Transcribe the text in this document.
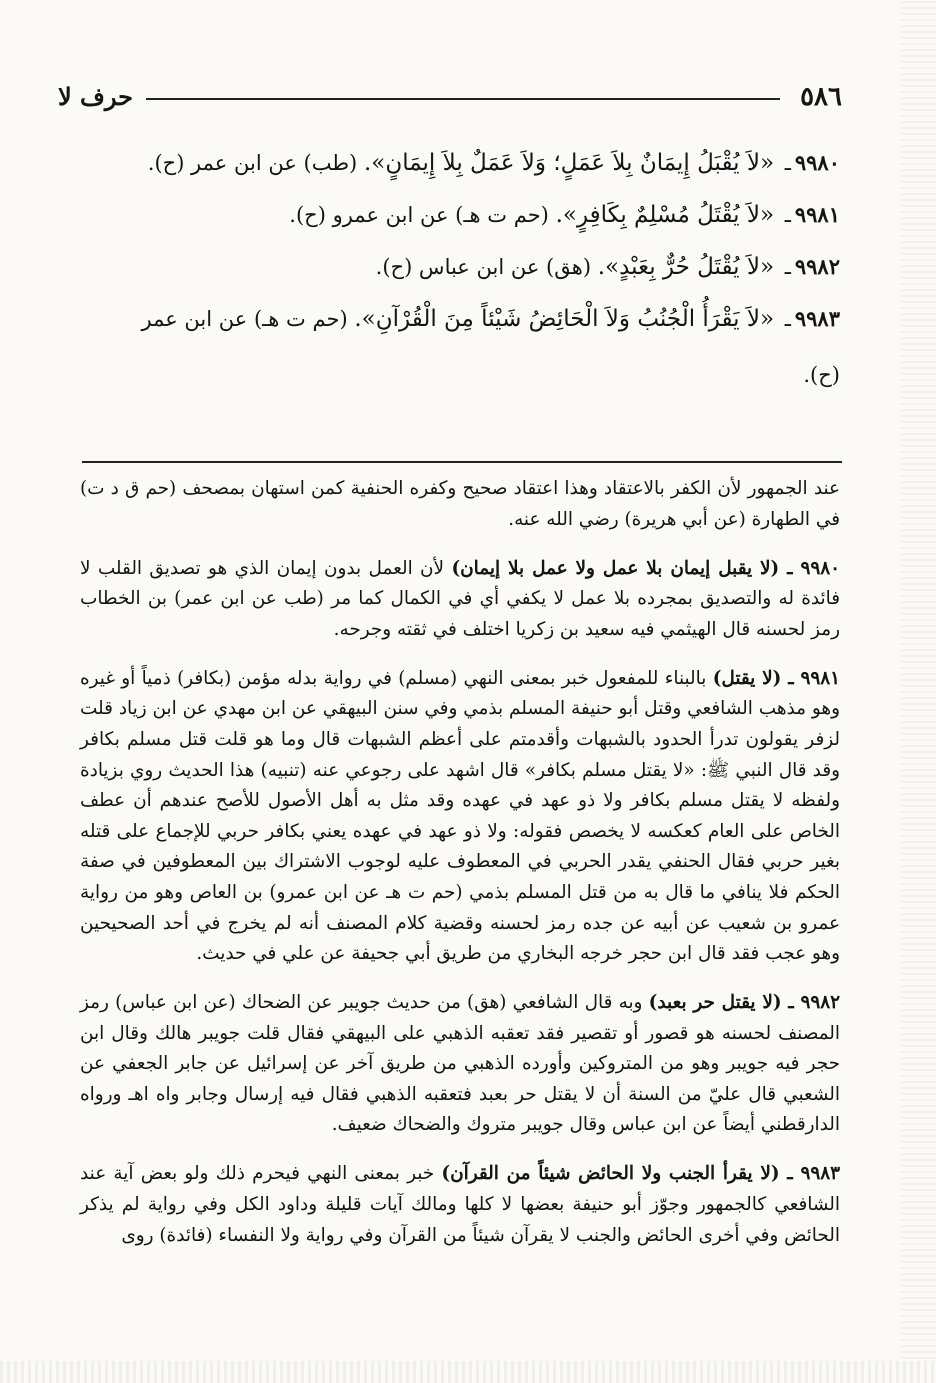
٥٨٦
حرف لا
٩٩٨٠ـ «لاَ يُقْبَلُ إِيمَانٌ بِلاَ عَمَلٍ؛ وَلاَ عَمَلٌ بِلاَ إِيمَانٍ». (طب) عن ابن عمر (ح).
٩٩٨١ـ «لاَ يُقْتَلُ مُسْلِمٌ بِكَافِرٍ». (حم ت هـ) عن ابن عمرو (ح).
٩٩٨٢ـ «لاَ يُقْتَلُ حُرٌّ بِعَبْدٍ». (هق) عن ابن عباس (ح).
٩٩٨٣ـ «لاَ يَقْرَأُ الْجُنُبُ وَلاَ الْحَائِضُ شَيْئاً مِنَ الْقُرْآنِ». (حم ت هـ) عن ابن عمر
(ح).

عند الجمهور لأن الكفر بالاعتقاد وهذا اعتقاد صحيح وكفره الحنفية كمن استهان بمصحف (حم ق د ت) في الطهارة (عن أبي هريرة) رضي الله عنه.

٩٩٨٠ ـ (لا يقبل إيمان بلا عمل ولا عمل بلا إيمان) لأن العمل بدون إيمان الذي هو تصديق القلب لا فائدة له والتصديق بمجرده بلا عمل لا يكفي أي في الكمال كما مر (طب عن ابن عمر) بن الخطاب رمز لحسنه قال الهيثمي فيه سعيد بن زكريا اختلف في ثقته وجرحه.

٩٩٨١ ـ (لا يقتل) بالبناء للمفعول خبر بمعنى النهي (مسلم) في رواية بدله مؤمن (بكافر) ذمياً أو غيره وهو مذهب الشافعي وقتل أبو حنيفة المسلم بذمي وفي سنن البيهقي عن ابن مهدي عن ابن زياد قلت لزفر يقولون تدرأ الحدود بالشبهات وأقدمتم على أعظم الشبهات قال وما هو قلت قتل مسلم بكافر وقد قال النبي ﷺ: «لا يقتل مسلم بكافر» قال اشهد على رجوعي عنه (تنبيه) هذا الحديث روي بزيادة ولفظه لا يقتل مسلم بكافر ولا ذو عهد في عهده وقد مثل به أهل الأصول للأصح عندهم أن عطف الخاص على العام كعكسه لا يخصص فقوله: ولا ذو عهد في عهده يعني بكافر حربي للإجماع على قتله بغير حربي فقال الحنفي يقدر الحربي في المعطوف عليه لوجوب الاشتراك بين المعطوفين في صفة الحكم فلا ينافي ما قال به من قتل المسلم بذمي (حم ت هـ عن ابن عمرو) بن العاص وهو من رواية عمرو بن شعيب عن أبيه عن جده رمز لحسنه وقضية كلام المصنف أنه لم يخرج في أحد الصحيحين وهو عجب فقد قال ابن حجر خرجه البخاري من طريق أبي جحيفة عن علي في حديث.

٩٩٨٢ ـ (لا يقتل حر بعبد) وبه قال الشافعي (هق) من حديث جويبر عن الضحاك (عن ابن عباس) رمز المصنف لحسنه هو قصور أو تقصير فقد تعقبه الذهبي على البيهقي فقال قلت جويبر هالك وقال ابن حجر فيه جويبر وهو من المتروكين وأورده الذهبي من طريق آخر عن إسرائيل عن جابر الجعفي عن الشعبي قال عليّ من السنة أن لا يقتل حر بعبد فتعقبه الذهبي فقال فيه إرسال وجابر واه اهـ ورواه الدارقطني أيضاً عن ابن عباس وقال جويبر متروك والضحاك ضعيف.

٩٩٨٣ ـ (لا يقرأ الجنب ولا الحائض شيئاً من القرآن) خبر بمعنى النهي فيحرم ذلك ولو بعض آية عند الشافعي كالجمهور وجوّز أبو حنيفة بعضها لا كلها ومالك آيات قليلة وداود الكل وفي رواية لم يذكر الحائض وفي أخرى الحائض والجنب لا يقرآن شيئاً من القرآن وفي رواية ولا النفساء (فائدة) روى
